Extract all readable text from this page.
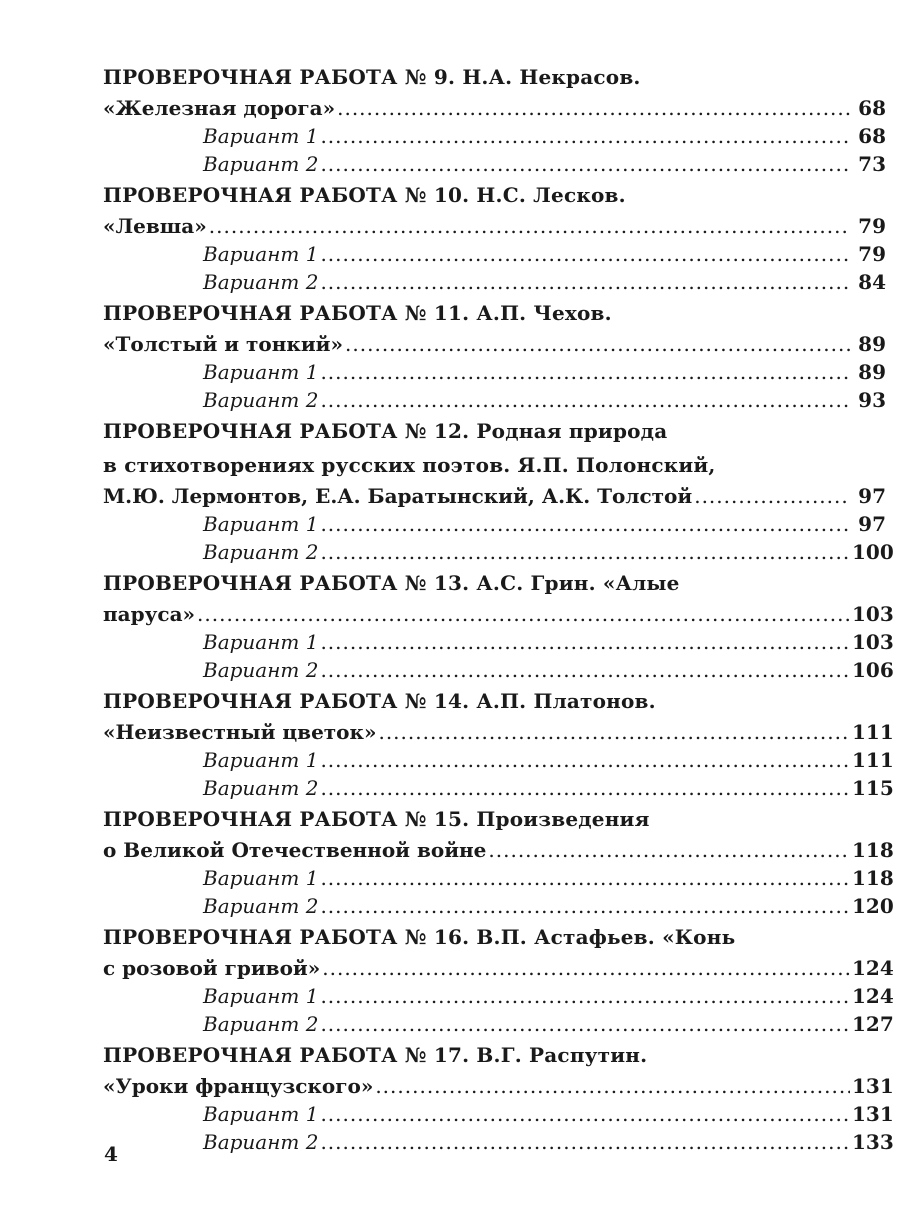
ПРОВЕРОЧНАЯ РАБОТА № 9. Н.А. Некрасов.
«Железная дорога» .....	68
Вариант 1 .....	68
Вариант 2 .....	73
ПРОВЕРОЧНАЯ РАБОТА № 10. Н.С. Лесков.
«Левша» .....	79
Вариант 1 .....	79
Вариант 2 .....	84
ПРОВЕРОЧНАЯ РАБОТА № 11. А.П. Чехов.
«Толстый и тонкий» .....	89
Вариант 1 .....	89
Вариант 2 .....	93
ПРОВЕРОЧНАЯ РАБОТА № 12. Родная природа
в стихотворениях русских поэтов. Я.П. Полонский,
М.Ю. Лермонтов, Е.А. Баратынский, А.К. Толстой .....	97
Вариант 1 .....	97
Вариант 2 .....	100
ПРОВЕРОЧНАЯ РАБОТА № 13. А.С. Грин. «Алые
паруса» .....	103
Вариант 1 .....	103
Вариант 2 .....	106
ПРОВЕРОЧНАЯ РАБОТА № 14. А.П. Платонов.
«Неизвестный цветок» .....	111
Вариант 1 .....	111
Вариант 2 .....	115
ПРОВЕРОЧНАЯ РАБОТА № 15. Произведения
о Великой Отечественной войне .....	118
Вариант 1 .....	118
Вариант 2 .....	120
ПРОВЕРОЧНАЯ РАБОТА № 16. В.П. Астафьев. «Конь
с розовой гривой» .....	124
Вариант 1 .....	124
Вариант 2 .....	127
ПРОВЕРОЧНАЯ РАБОТА № 17. В.Г. Распутин.
«Уроки французского» .....	131
Вариант 1 .....	131
Вариант 2 .....	133
4
